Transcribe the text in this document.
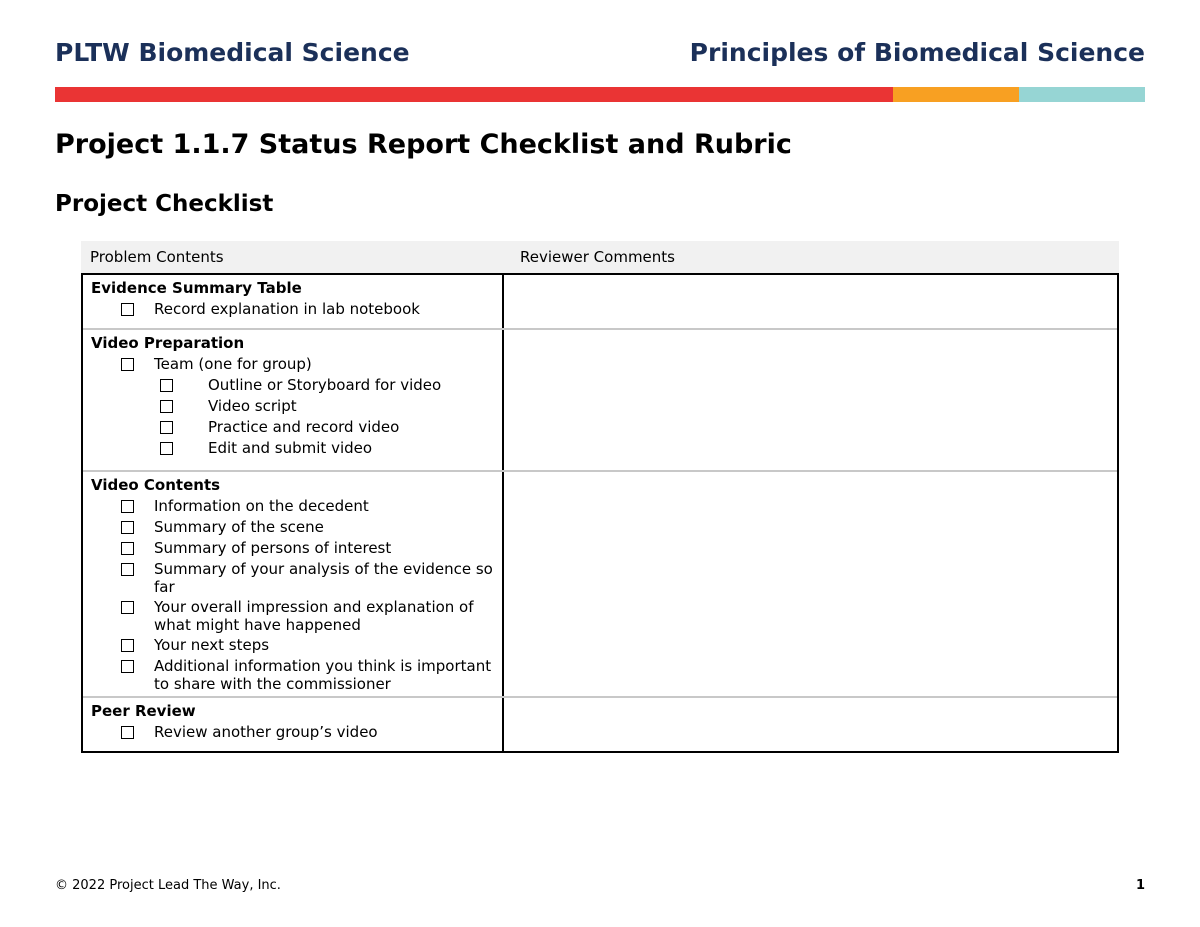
PLTW Biomedical Science	Principles of Biomedical Science
Project 1.1.7 Status Report Checklist and Rubric
Project Checklist
Problem Contents	Reviewer Comments
Evidence Summary Table
Record explanation in lab notebook
Video Preparation
Team (one for group)
Outline or Storyboard for video
Video script
Practice and record video
Edit and submit video
Video Contents
Information on the decedent
Summary of the scene
Summary of persons of interest
Summary of your analysis of the evidence so far
Your overall impression and explanation of what might have happened
Your next steps
Additional information you think is important to share with the commissioner
Peer Review
Review another group’s video
© 2022 Project Lead The Way, Inc.	1
